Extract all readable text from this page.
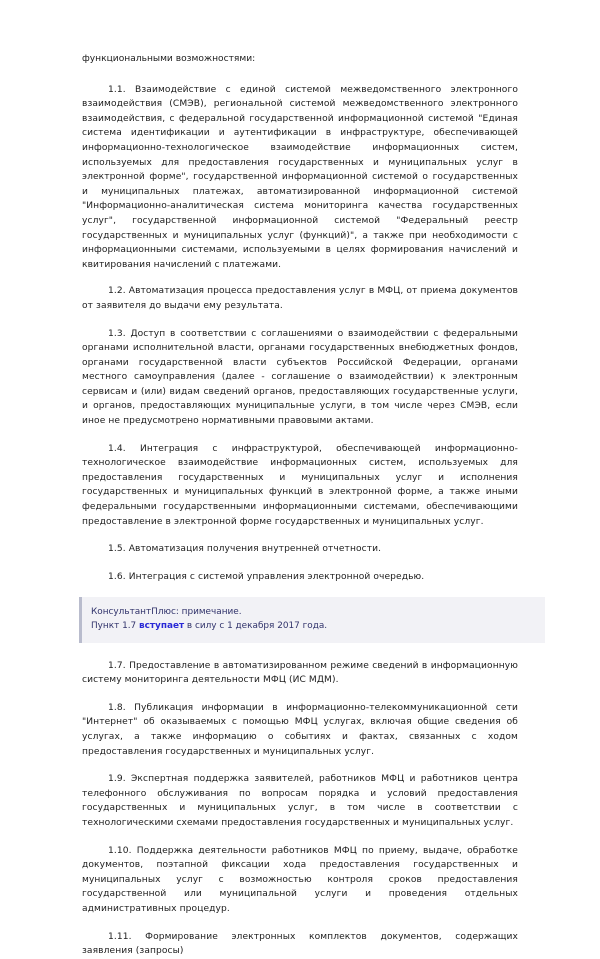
функциональными возможностями:

1.1. Взаимодействие с единой системой межведомственного электронного взаимодействия (СМЭВ), региональной системой межведомственного электронного взаимодействия, с федеральной государственной информационной системой "Единая система идентификации и аутентификации в инфраструктуре, обеспечивающей информационно-технологическое взаимодействие информационных систем, используемых для предоставления государственных и муниципальных услуг в электронной форме", государственной информационной системой о государственных и муниципальных платежах, автоматизированной информационной системой "Информационно-аналитическая система мониторинга качества государственных услуг", государственной информационной системой "Федеральный реестр государственных и муниципальных услуг (функций)", а также при необходимости с информационными системами, используемыми в целях формирования начислений и квитирования начислений с платежами.

1.2. Автоматизация процесса предоставления услуг в МФЦ, от приема документов от заявителя до выдачи ему результата.

1.3. Доступ в соответствии с соглашениями о взаимодействии с федеральными органами исполнительной власти, органами государственных внебюджетных фондов, органами государственной власти субъектов Российской Федерации, органами местного самоуправления (далее - соглашение о взаимодействии) к электронным сервисам и (или) видам сведений органов, предоставляющих государственные услуги, и органов, предоставляющих муниципальные услуги, в том числе через СМЭВ, если иное не предусмотрено нормативными правовыми актами.

1.4. Интеграция с инфраструктурой, обеспечивающей информационно-технологическое взаимодействие информационных систем, используемых для предоставления государственных и муниципальных услуг и исполнения государственных и муниципальных функций в электронной форме, а также иными федеральными государственными информационными системами, обеспечивающими предоставление в электронной форме государственных и муниципальных услуг.

1.5. Автоматизация получения внутренней отчетности.

1.6. Интеграция с системой управления электронной очередью.

КонсультантПлюс: примечание.
Пункт 1.7 вступает в силу с 1 декабря 2017 года.

1.7. Предоставление в автоматизированном режиме сведений в информационную систему мониторинга деятельности МФЦ (ИС МДМ).

1.8. Публикация информации в информационно-телекоммуникационной сети "Интернет" об оказываемых с помощью МФЦ услугах, включая общие сведения об услугах, а также информацию о событиях и фактах, связанных с ходом предоставления государственных и муниципальных услуг.

1.9. Экспертная поддержка заявителей, работников МФЦ и работников центра телефонного обслуживания по вопросам порядка и условий предоставления государственных и муниципальных услуг, в том числе в соответствии с технологическими схемами предоставления государственных и муниципальных услуг.

1.10. Поддержка деятельности работников МФЦ по приему, выдаче, обработке документов, поэтапной фиксации хода предоставления государственных и муниципальных услуг с возможностью контроля сроков предоставления государственной или муниципальной услуги и проведения отдельных административных процедур.

1.11. Формирование электронных комплектов документов, содержащих заявления (запросы)
